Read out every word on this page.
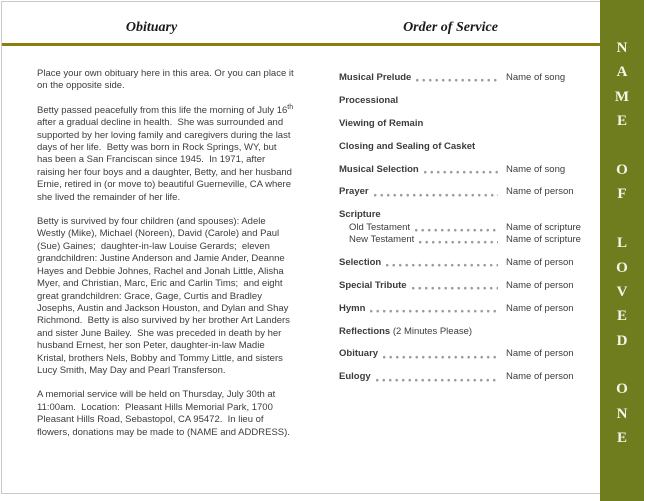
Obituary	Order of Service

Place your own obituary here in this area. Or you can place it on the opposite side.

Betty passed peacefully from this life the morning of July 16th after a gradual decline in health.  She was surrounded and supported by her loving family and caregivers during the last days of her life.  Betty was born in Rock Springs, WY, but has been a San Franciscan since 1945.  In 1971, after raising her four boys and a daughter, Betty, and her husband Ernie, retired in (or move to) beautiful Guerneville, CA where she lived the remainder of her life.

Betty is survived by four children (and spouses): Adele Westly (Mike), Michael (Noreen), David (Carole) and Paul (Sue) Gaines;  daughter-in-law Louise Gerards;  eleven grandchildren: Justine Anderson and Jamie Ander, Deanne Hayes and Debbie Johnes, Rachel and Jonah Little, Alisha Myer, and Christian, Marc, Eric and Carlin Tims;  and eight great grandchildren: Grace, Gage, Curtis and Bradley Josephs, Austin and Jackson Houston, and Dylan and Shay Richmond.  Betty is also survived by her brother Art Landers and sister June Bailey.  She was preceded in death by her husband Ernest, her son Peter, daughter-in-law Madie Kristal, brothers Nels, Bobby and Tommy Little, and sisters Lucy Smith, May Day and Pearl Transferson.

A memorial service will be held on Thursday, July 30th at 11:00am.  Location:  Pleasant Hills Memorial Park, 1700 Pleasant Hills Road, Sebastopol, CA 95472.  In lieu of flowers, donations may be made to (NAME and ADDRESS).

Musical Prelude	Name of song
Processional
Viewing of Remain
Closing and Sealing of Casket
Musical Selection	Name of song
Prayer	Name of person
Scripture
Old Testament	Name of scripture
New Testament	Name of scripture
Selection	Name of person
Special Tribute	Name of person
Hymn	Name of person
Reflections (2 Minutes Please)
Obituary	Name of person
Eulogy	Name of person
N
A
M
E
O
F
L
O
V
E
D
O
N
E
